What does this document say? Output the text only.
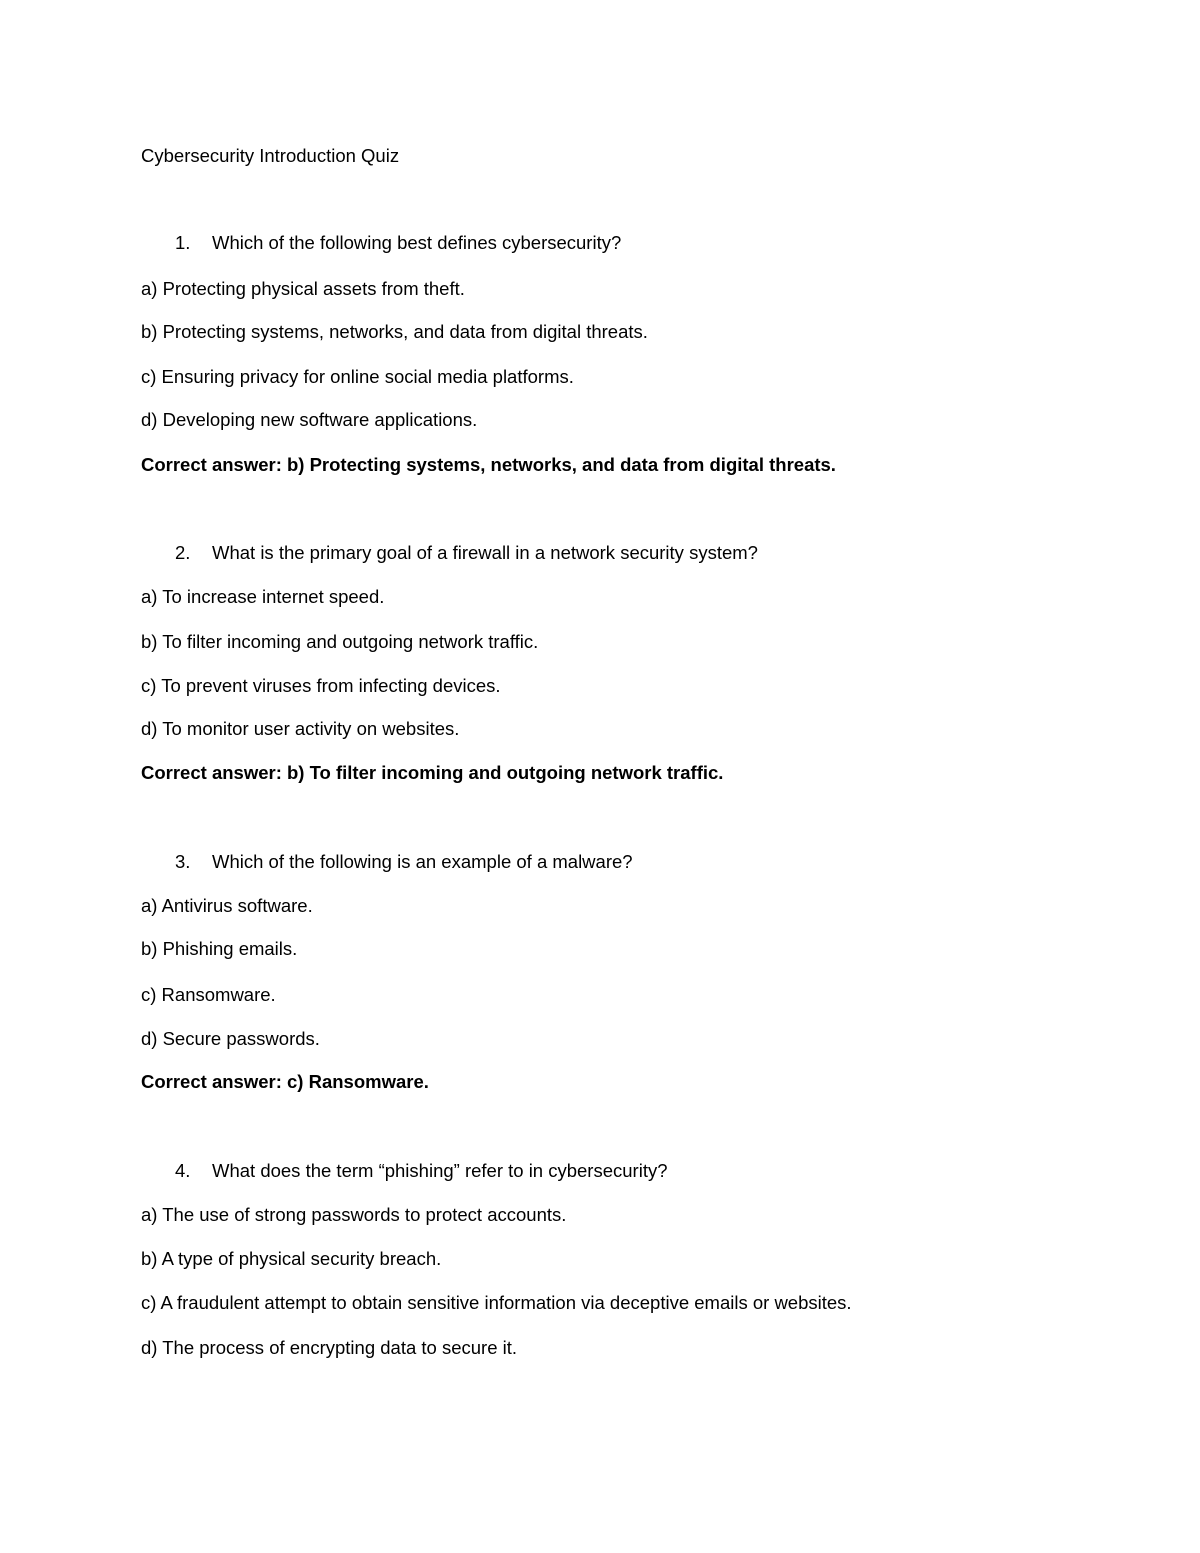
Cybersecurity Introduction Quiz
1. Which of the following best defines cybersecurity?
a) Protecting physical assets from theft.
b) Protecting systems, networks, and data from digital threats.
c) Ensuring privacy for online social media platforms.
d) Developing new software applications.
Correct answer: b) Protecting systems, networks, and data from digital threats.
2. What is the primary goal of a firewall in a network security system?
a) To increase internet speed.
b) To filter incoming and outgoing network traffic.
c) To prevent viruses from infecting devices.
d) To monitor user activity on websites.
Correct answer: b) To filter incoming and outgoing network traffic.
3. Which of the following is an example of a malware?
a) Antivirus software.
b) Phishing emails.
c) Ransomware.
d) Secure passwords.
Correct answer: c) Ransomware.
4. What does the term “phishing” refer to in cybersecurity?
a) The use of strong passwords to protect accounts.
b) A type of physical security breach.
c) A fraudulent attempt to obtain sensitive information via deceptive emails or websites.
d) The process of encrypting data to secure it.
